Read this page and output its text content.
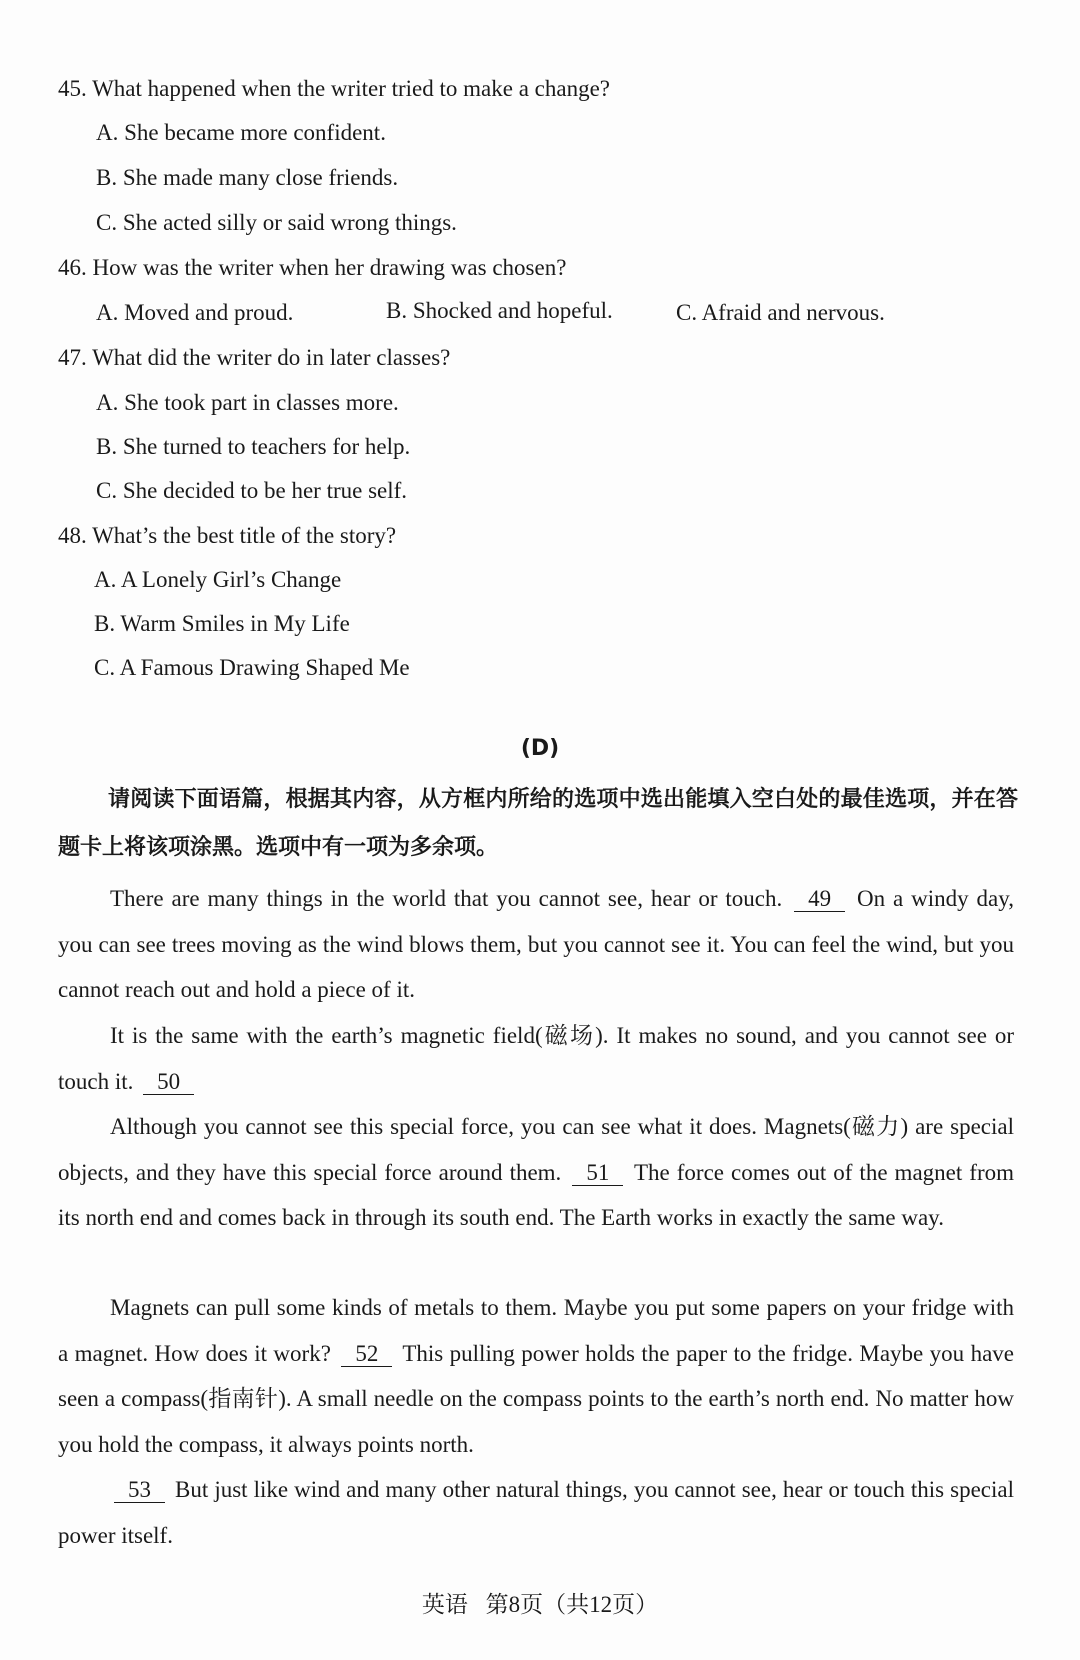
45. What happened when the writer tried to make a change?
A. She became more confident.
B. She made many close friends.
C. She acted silly or said wrong things.
46. How was the writer when her drawing was chosen?
A. Moved and proud.	B. Shocked and hopeful.	C. Afraid and nervous.
47. What did the writer do in later classes?
A. She took part in classes more.
B. She turned to teachers for help.
C. She decided to be her true self.
48. What’s the best title of the story?
A. A Lonely Girl’s Change
B. Warm Smiles in My Life
C. A Famous Drawing Shaped Me
(D)
请阅读下面语篇，根据其内容，从方框内所给的选项中选出能填入空白处的最佳选项，并在答题卡上将该项涂黑。选项中有一项为多余项。
There are many things in the world that you cannot see, hear or touch. 49 On a windy day, you can see trees moving as the wind blows them, but you cannot see it. You can feel the wind, but you cannot reach out and hold a piece of it.
It is the same with the earth’s magnetic field(磁场). It makes no sound, and you cannot see or touch it. 50
Although you cannot see this special force, you can see what it does. Magnets(磁力) are special objects, and they have this special force around them. 51 The force comes out of the magnet from its north end and comes back in through its south end. The Earth works in exactly the same way.
Magnets can pull some kinds of metals to them. Maybe you put some papers on your fridge with a magnet. How does it work? 52 This pulling power holds the paper to the fridge. Maybe you have seen a compass(指南针). A small needle on the compass points to the earth’s north end. No matter how you hold the compass, it always points north.
53 But just like wind and many other natural things, you cannot see, hear or touch this special power itself.
英语 第8页（共12页）
